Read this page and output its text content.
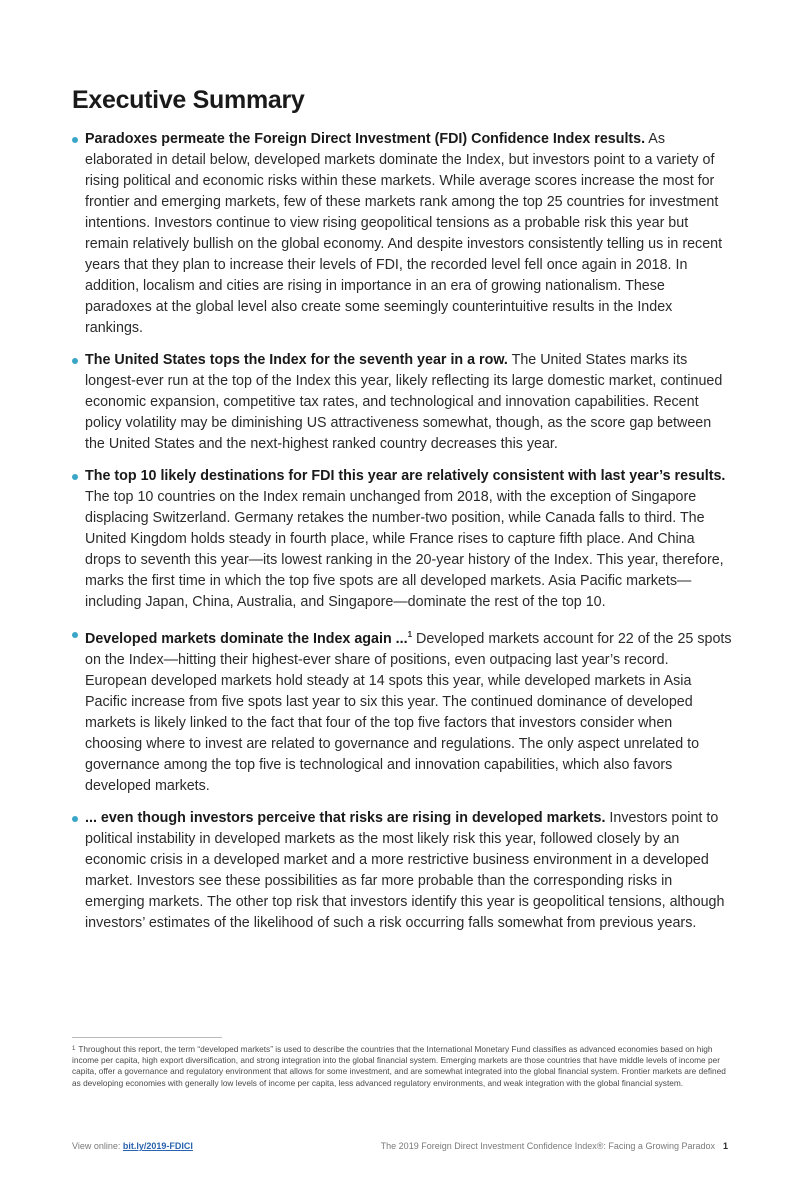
Executive Summary
Paradoxes permeate the Foreign Direct Investment (FDI) Confidence Index results. As elaborated in detail below, developed markets dominate the Index, but investors point to a variety of rising political and economic risks within these markets. While average scores increase the most for frontier and emerging markets, few of these markets rank among the top 25 countries for investment intentions. Investors continue to view rising geopolitical tensions as a probable risk this year but remain relatively bullish on the global economy. And despite investors consistently telling us in recent years that they plan to increase their levels of FDI, the recorded level fell once again in 2018. In addition, localism and cities are rising in importance in an era of growing nationalism. These paradoxes at the global level also create some seemingly counterintuitive results in the Index rankings.
The United States tops the Index for the seventh year in a row. The United States marks its longest-ever run at the top of the Index this year, likely reflecting its large domestic market, continued economic expansion, competitive tax rates, and technological and innovation capabilities. Recent policy volatility may be diminishing US attractiveness somewhat, though, as the score gap between the United States and the next-highest ranked country decreases this year.
The top 10 likely destinations for FDI this year are relatively consistent with last year’s results. The top 10 countries on the Index remain unchanged from 2018, with the exception of Singapore displacing Switzerland. Germany retakes the number-two position, while Canada falls to third. The United Kingdom holds steady in fourth place, while France rises to capture fifth place. And China drops to seventh this year—its lowest ranking in the 20-year history of the Index. This year, therefore, marks the first time in which the top five spots are all developed markets. Asia Pacific markets—including Japan, China, Australia, and Singapore—dominate the rest of the top 10.
Developed markets dominate the Index again ...$^1$ Developed markets account for 22 of the 25 spots on the Index—hitting their highest-ever share of positions, even outpacing last year’s record. European developed markets hold steady at 14 spots this year, while developed markets in Asia Pacific increase from five spots last year to six this year. The continued dominance of developed markets is likely linked to the fact that four of the top five factors that investors consider when choosing where to invest are related to governance and regulations. The only aspect unrelated to governance among the top five is technological and innovation capabilities, which also favors developed markets.
... even though investors perceive that risks are rising in developed markets. Investors point to political instability in developed markets as the most likely risk this year, followed closely by an economic crisis in a developed market and a more restrictive business environment in a developed market. Investors see these possibilities as far more probable than the corresponding risks in emerging markets. The other top risk that investors identify this year is geopolitical tensions, although investors’ estimates of the likelihood of such a risk occurring falls somewhat from previous years.
$^1$ Throughout this report, the term “developed markets” is used to describe the countries that the International Monetary Fund classifies as advanced economies based on high income per capita, high export diversification, and strong integration into the global financial system. Emerging markets are those countries that have middle levels of income per capita, offer a governance and regulatory environment that allows for some investment, and are somewhat integrated into the global financial system. Frontier markets are defined as developing economies with generally low levels of income per capita, less advanced regulatory environments, and weak integration with the global financial system.
View online: bit.ly/2019-FDICI	The 2019 Foreign Direct Investment Confidence Index®: Facing a Growing Paradox 1
